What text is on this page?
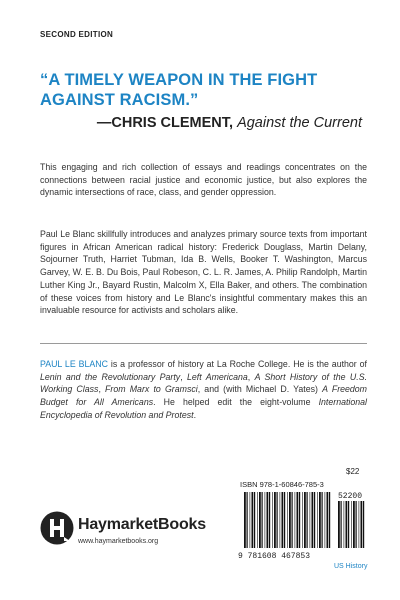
SECOND EDITION
“A TIMELY WEAPON IN THE FIGHT AGAINST RACISM.”
—CHRIS CLEMENT, Against the Current

This engaging and rich collection of essays and readings concentrates on the connections between racial justice and economic justice, but also explores the dynamic intersections of race, class, and gender oppression.

Paul Le Blanc skillfully introduces and analyzes primary source texts from important figures in African American radical history: Frederick Douglass, Martin Delany, Sojourner Truth, Harriet Tubman, Ida B. Wells, Booker T. Washington, Marcus Garvey, W. E. B. Du Bois, Paul Robeson, C. L. R. James, A. Philip Randolph, Martin Luther King Jr., Bayard Rustin, Malcolm X, Ella Baker, and others. The combination of these voices from history and Le Blanc's insightful commentary makes this an invaluable resource for activists and scholars alike.

PAUL LE BLANC is a professor of history at La Roche College. He is the author of Lenin and the Revolutionary Party, Left Americana, A Short History of the U.S. Working Class, From Marx to Gramsci, and (with Michael D. Yates) A Freedom Budget for All Americans. He helped edit the eight-volume International Encyclopedia of Revolution and Protest.

HaymarketBooks
www.haymarketbooks.org
$22
ISBN 978-1-60846-785-3
9 781608 467853
52200
US History
